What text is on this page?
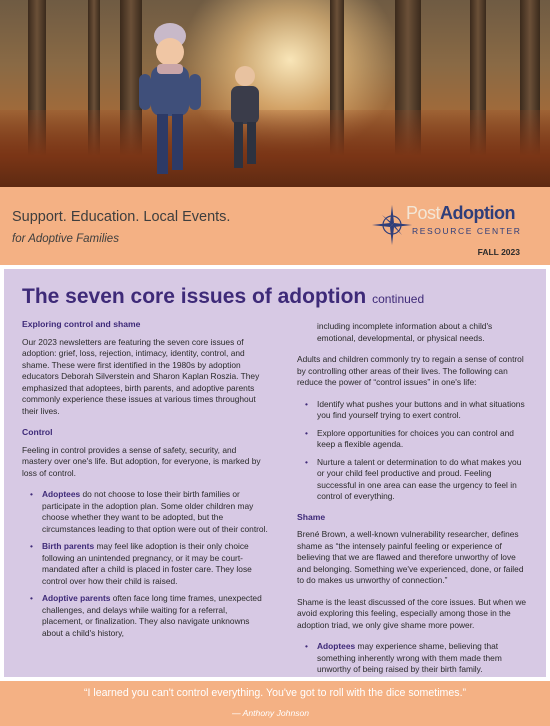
Support. Education. Local Events.
for Adoptive Families
PostAdoption
RESOURCE CENTER
FALL 2023
The seven core issues of adoption continued
Exploring control and shame

Our 2023 newsletters are featuring the seven core issues of adoption: grief, loss, rejection, intimacy, identity, control, and shame. These were first identified in the 1980s by adoption educators Deborah Silverstein and Sharon Kaplan Roszia. They emphasized that adoptees, birth parents, and adoptive parents commonly experience these issues at various times throughout their lives.

Control

Feeling in control provides a sense of safety, security, and mastery over one's life. But adoption, for everyone, is marked by loss of control.

• Adoptees do not choose to lose their birth families or participate in the adoption plan. Some older children may choose whether they want to be adopted, but the circumstances leading to that option were out of their control.
• Birth parents may feel like adoption is their only choice following an unintended pregnancy, or it may be court-mandated after a child is placed in foster care. They lose control over how their child is raised.
• Adoptive parents often face long time frames, unexpected challenges, and delays while waiting for a referral, placement, or finalization. They also navigate unknowns about a child's history,

including incomplete information about a child's emotional, developmental, or physical needs.

Adults and children commonly try to regain a sense of control by controlling other areas of their lives. The following can reduce the power of “control issues” in one's life:

• Identify what pushes your buttons and in what situations you find yourself trying to exert control.
• Explore opportunities for choices you can control and keep a flexible agenda.
• Nurture a talent or determination to do what makes you or your child feel productive and proud. Feeling successful in one area can ease the urgency to feel in control of everything.
Shame

Brené Brown, a well-known vulnerability researcher, defines shame as “the intensely painful feeling or experience of believing that we are flawed and therefore unworthy of love and belonging. Something we've experienced, done, or failed to do makes us unworthy of connection.”

Shame is the least discussed of the core issues. But when we avoid exploring this feeling, especially among those in the adoption triad, we only give shame more power.

• Adoptees may experience shame, believing that something inherently wrong with them made them unworthy of being raised by their birth family.
“I learned you can't control everything. You've got to roll with the dice sometimes.”
— Anthony Johnson
